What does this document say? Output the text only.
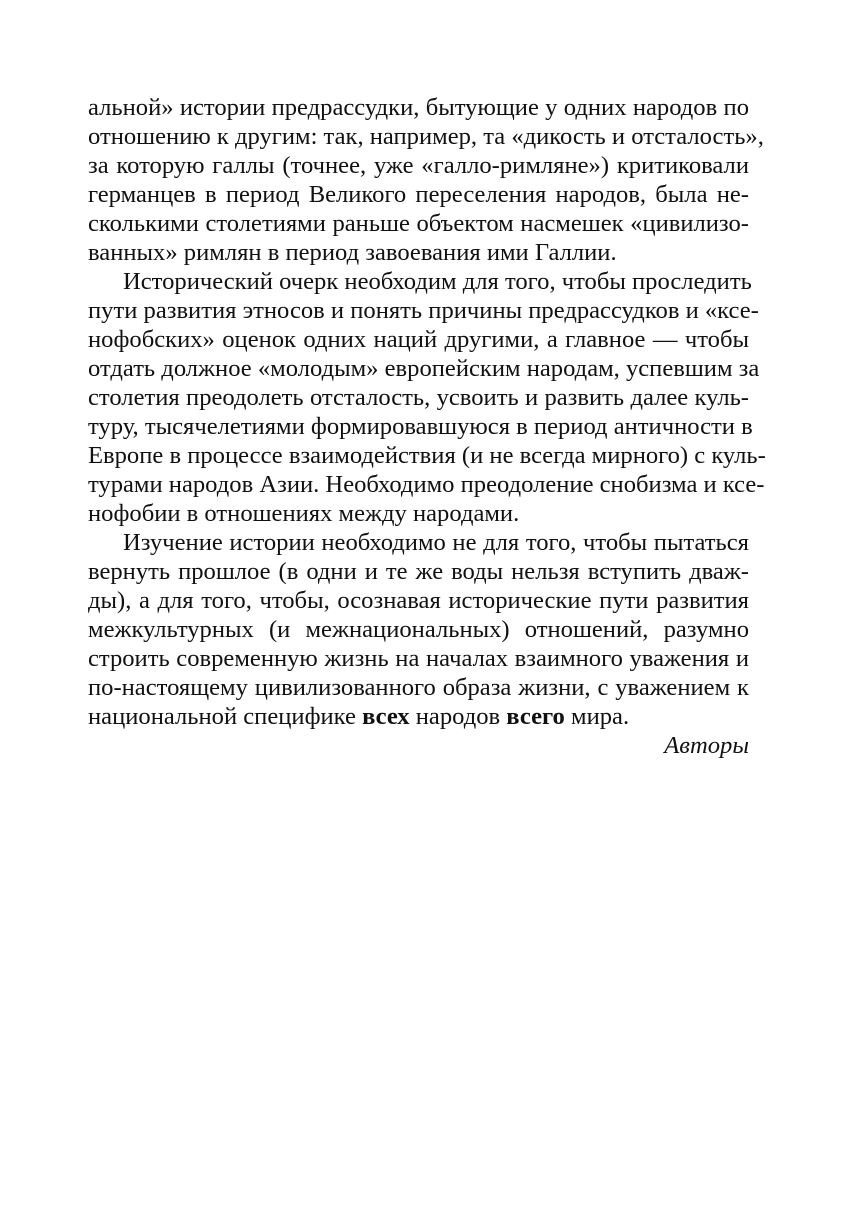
альной» истории предрассудки, бытующие у одних народов по
отношению к другим: так, например, та «дикость и отсталость»,
за которую галлы (точнее, уже «галло-римляне») критиковали
германцев в период Великого переселения народов, была не-
сколькими столетиями раньше объектом насмешек «цивилизо-
ванных» римлян в период завоевания ими Галлии.
Исторический очерк необходим для того, чтобы проследить
пути развития этносов и понять причины предрассудков и «ксе-
нофобских» оценок одних наций другими, а главное — чтобы
отдать должное «молодым» европейским народам, успевшим за
столетия преодолеть отсталость, усвоить и развить далее куль-
туру, тысячелетиями формировавшуюся в период античности в
Европе в процессе взаимодействия (и не всегда мирного) с куль-
турами народов Азии. Необходимо преодоление снобизма и ксе-
нофобии в отношениях между народами.
Изучение истории необходимо не для того, чтобы пытаться
вернуть прошлое (в одни и те же воды нельзя вступить дваж-
ды), а для того, чтобы, осознавая исторические пути развития
межкультурных (и межнациональных) отношений, разумно
строить современную жизнь на началах взаимного уважения и
по-настоящему цивилизованного образа жизни, с уважением к
национальной специфике всех народов всего мира.
Авторы
